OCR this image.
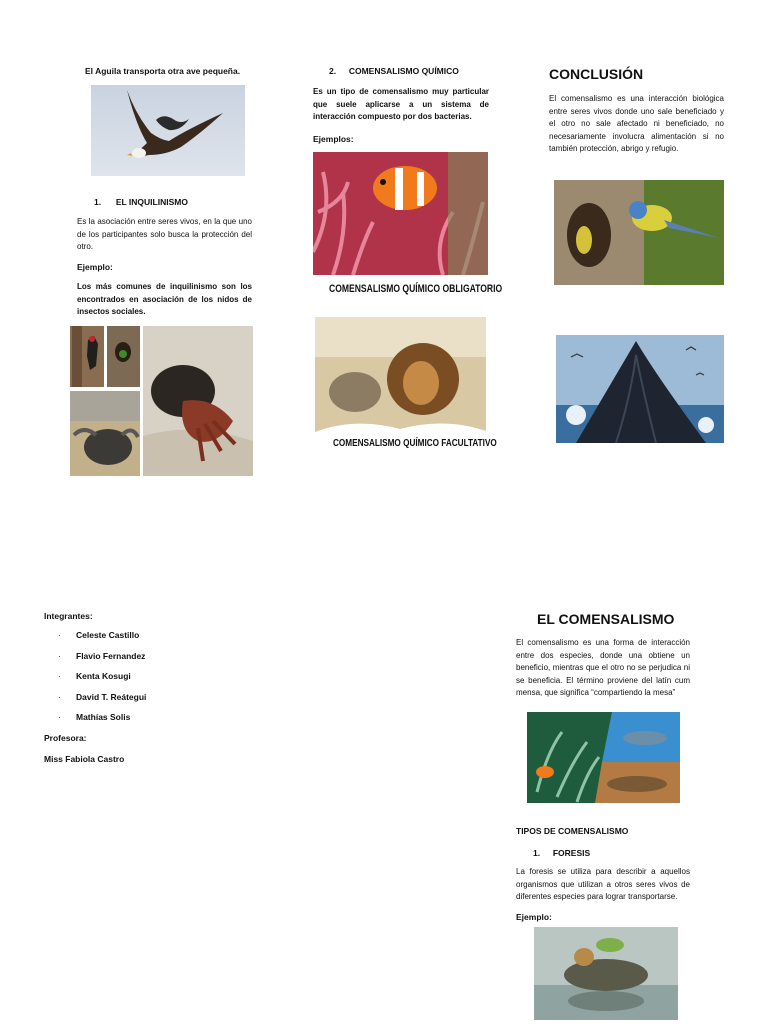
El Aguila transporta otra ave pequeña.
1. EL INQUILINISMO
Es la asociación entre seres vivos, en la que uno de los participantes solo busca la protección del otro.
Ejemplo:
Los más comunes de inquilinismo son los encontrados en asociación de los nidos de insectos sociales.
2. COMENSALISMO QUÍMICO
Es un tipo de comensalismo muy particular que suele aplicarse a un sistema de interacción compuesto por dos bacterias.
Ejemplos:
COMENSALISMO QUÍMICO OBLIGATORIO
COMENSALISMO QUÍMICO FACULTATIVO
CONCLUSIÓN
El comensalismo es una interacción biológica entre seres vivos donde uno sale beneficiado y el otro no sale afectado ni beneficiado, no necesariamente involucra alimentación si no también protección, abrigo y refugio.
Integrantes:
·	Celeste Castillo
·	Flavio Fernandez
·	Kenta Kosugi
·	David T. Reátegui
·	Mathías Solis
Profesora:
Miss Fabiola Castro
EL COMENSALISMO
El comensalismo es una forma de interacción entre dos especies, donde una obtiene un beneficio, mientras que el otro no se perjudica ni se beneficia. El término proviene del latín cum mensa, que significa “compartiendo la mesa”
TIPOS DE COMENSALISMO
1. FORESIS
La foresis se utiliza para describir a aquellos organismos que utilizan a otros seres vivos de diferentes especies para lograr transportarse.
Ejemplo:
